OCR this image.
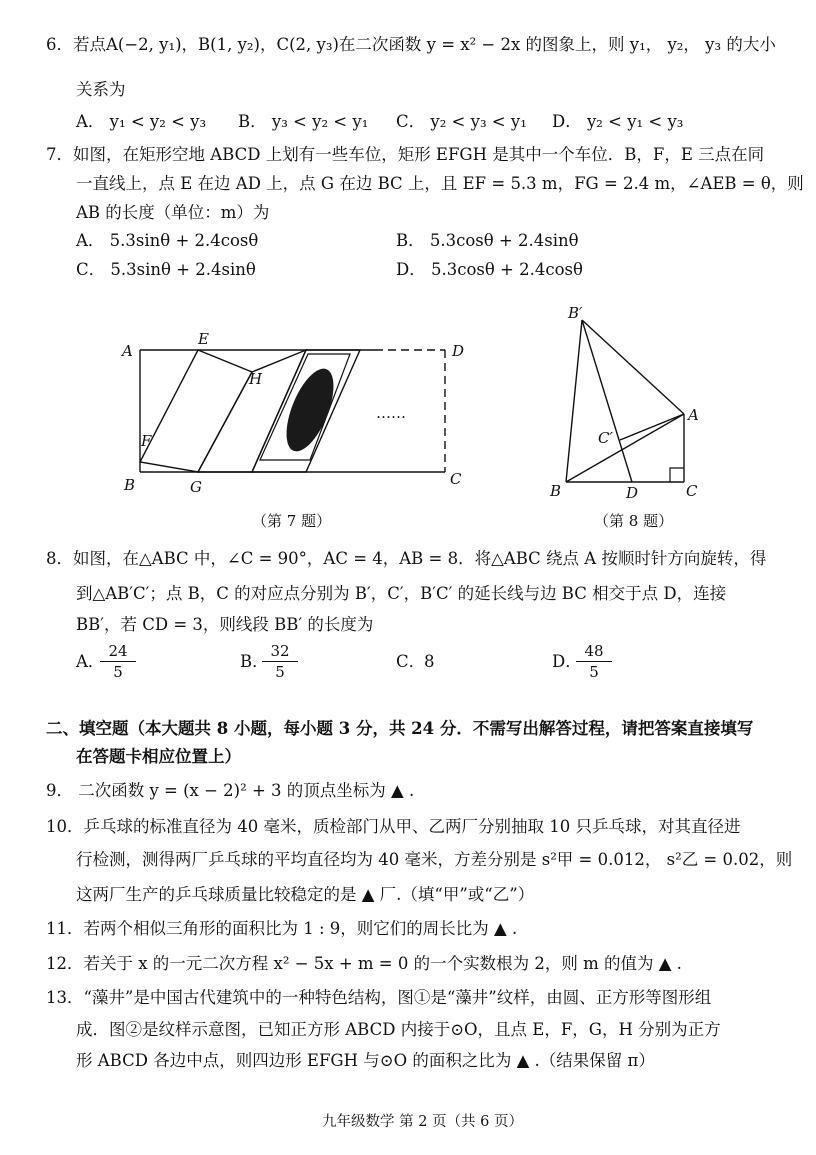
6．若点A(−2, y₁)，B(1, y₂)，C(2, y₃)在二次函数 y = x² − 2x 的图象上，则 y₁， y₂， y₃ 的大小
关系为
A． y₁ < y₂ < y₃ B． y₃ < y₂ < y₁ C． y₂ < y₃ < y₁ D． y₂ < y₁ < y₃
7．如图，在矩形空地 ABCD 上划有一些车位，矩形 EFGH 是其中一个车位．B，F，E 三点在同
一直线上，点 E 在边 AD 上，点 G 在边 BC 上，且 EF = 5.3 m，FG = 2.4 m，∠AEB = θ，则
AB 的长度（单位：m）为
A． 5.3sinθ + 2.4cosθ	B． 5.3cosθ + 2.4sinθ
C． 5.3sinθ + 2.4sinθ	D． 5.3cosθ + 2.4cosθ
A
E
D
H
F
B	G	C
……
（第 7 题）
B′
A
C′
B	D	C
（第 8 题）
8．如图，在△ABC 中，∠C = 90°，AC = 4，AB = 8．将△ABC 绕点 A 按顺时针方向旋转，得
到△AB′C′；点 B，C 的对应点分别为 B′，C′，B′C′ 的延长线与边 BC 相交于点 D，连接
BB′，若 CD = 3，则线段 BB′ 的长度为
A．
$\frac{24}{5}$	B．
$\frac{32}{5}$	C．
8	D．
$\frac{48}{5}$
二、填空题（本大题共 8 小题，每小题 3 分，共 24 分．不需写出解答过程，请把答案直接填写
在答题卡相应位置上）
9． 二次函数 y = (x − 2)² + 3 的顶点坐标为 ▲ .
10．乒乓球的标准直径为 40 毫米，质检部门从甲、乙两厂分别抽取 10 只乒乓球，对其直径进
行检测，测得两厂乒乓球的平均直径均为 40 毫米，方差分别是 s²甲 = 0.012， s²乙 = 0.02，则
这两厂生产的乒乓球质量比较稳定的是 ▲ 厂.（填“甲”或“乙”）
11．若两个相似三角形的面积比为 1 : 9，则它们的周长比为 ▲ .
12．若关于 x 的一元二次方程 x² − 5x + m = 0 的一个实数根为 2，则 m 的值为 ▲ .
13．“藻井”是中国古代建筑中的一种特色结构，图①是“藻井”纹样，由圆、正方形等图形组
成．图②是纹样示意图，已知正方形 ABCD 内接于⊙O，且点 E，F，G，H 分别为正方
形 ABCD 各边中点，则四边形 EFGH 与⊙O 的面积之比为 ▲ .（结果保留 π）
九年级数学 第 2 页（共 6 页）
